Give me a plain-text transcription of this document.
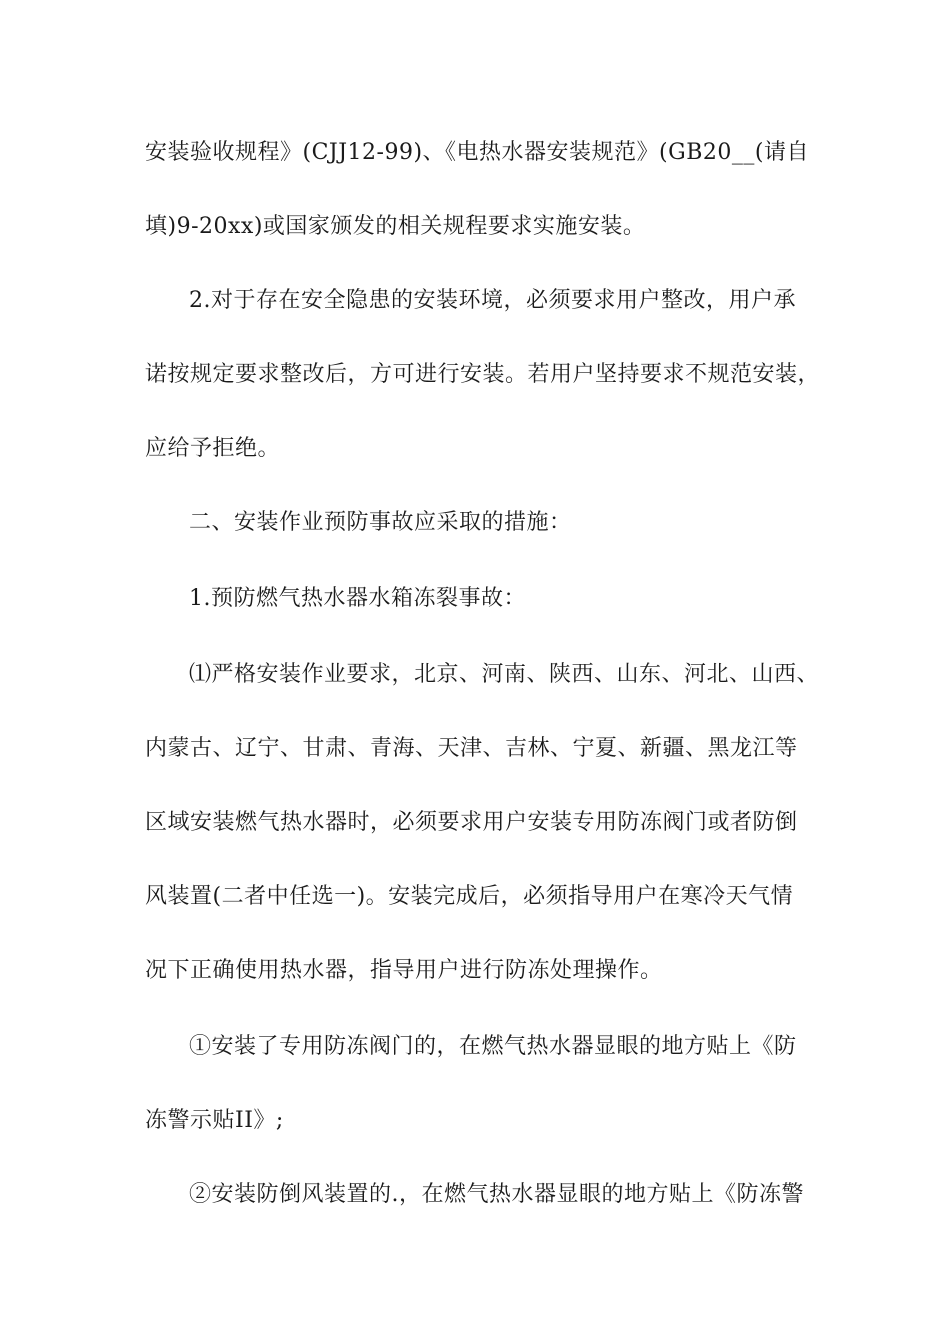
安装验收规程》(CJJ12-99)、《电热水器安装规范》(GB20__(请自
填)9-20xx)或国家颁发的相关规程要求实施安装。
2.对于存在安全隐患的安装环境，必须要求用户整改，用户承
诺按规定要求整改后，方可进行安装。若用户坚持要求不规范安装，
应给予拒绝。
二、安装作业预防事故应采取的措施：
1.预防燃气热水器水箱冻裂事故：
⑴严格安装作业要求，北京、河南、陕西、山东、河北、山西、
内蒙古、辽宁、甘肃、青海、天津、吉林、宁夏、新疆、黑龙江等
区域安装燃气热水器时，必须要求用户安装专用防冻阀门或者防倒
风装置(二者中任选一)。安装完成后，必须指导用户在寒冷天气情
况下正确使用热水器，指导用户进行防冻处理操作。
①安装了专用防冻阀门的，在燃气热水器显眼的地方贴上《防
冻警示贴II》;
②安装防倒风装置的.，在燃气热水器显眼的地方贴上《防冻警
